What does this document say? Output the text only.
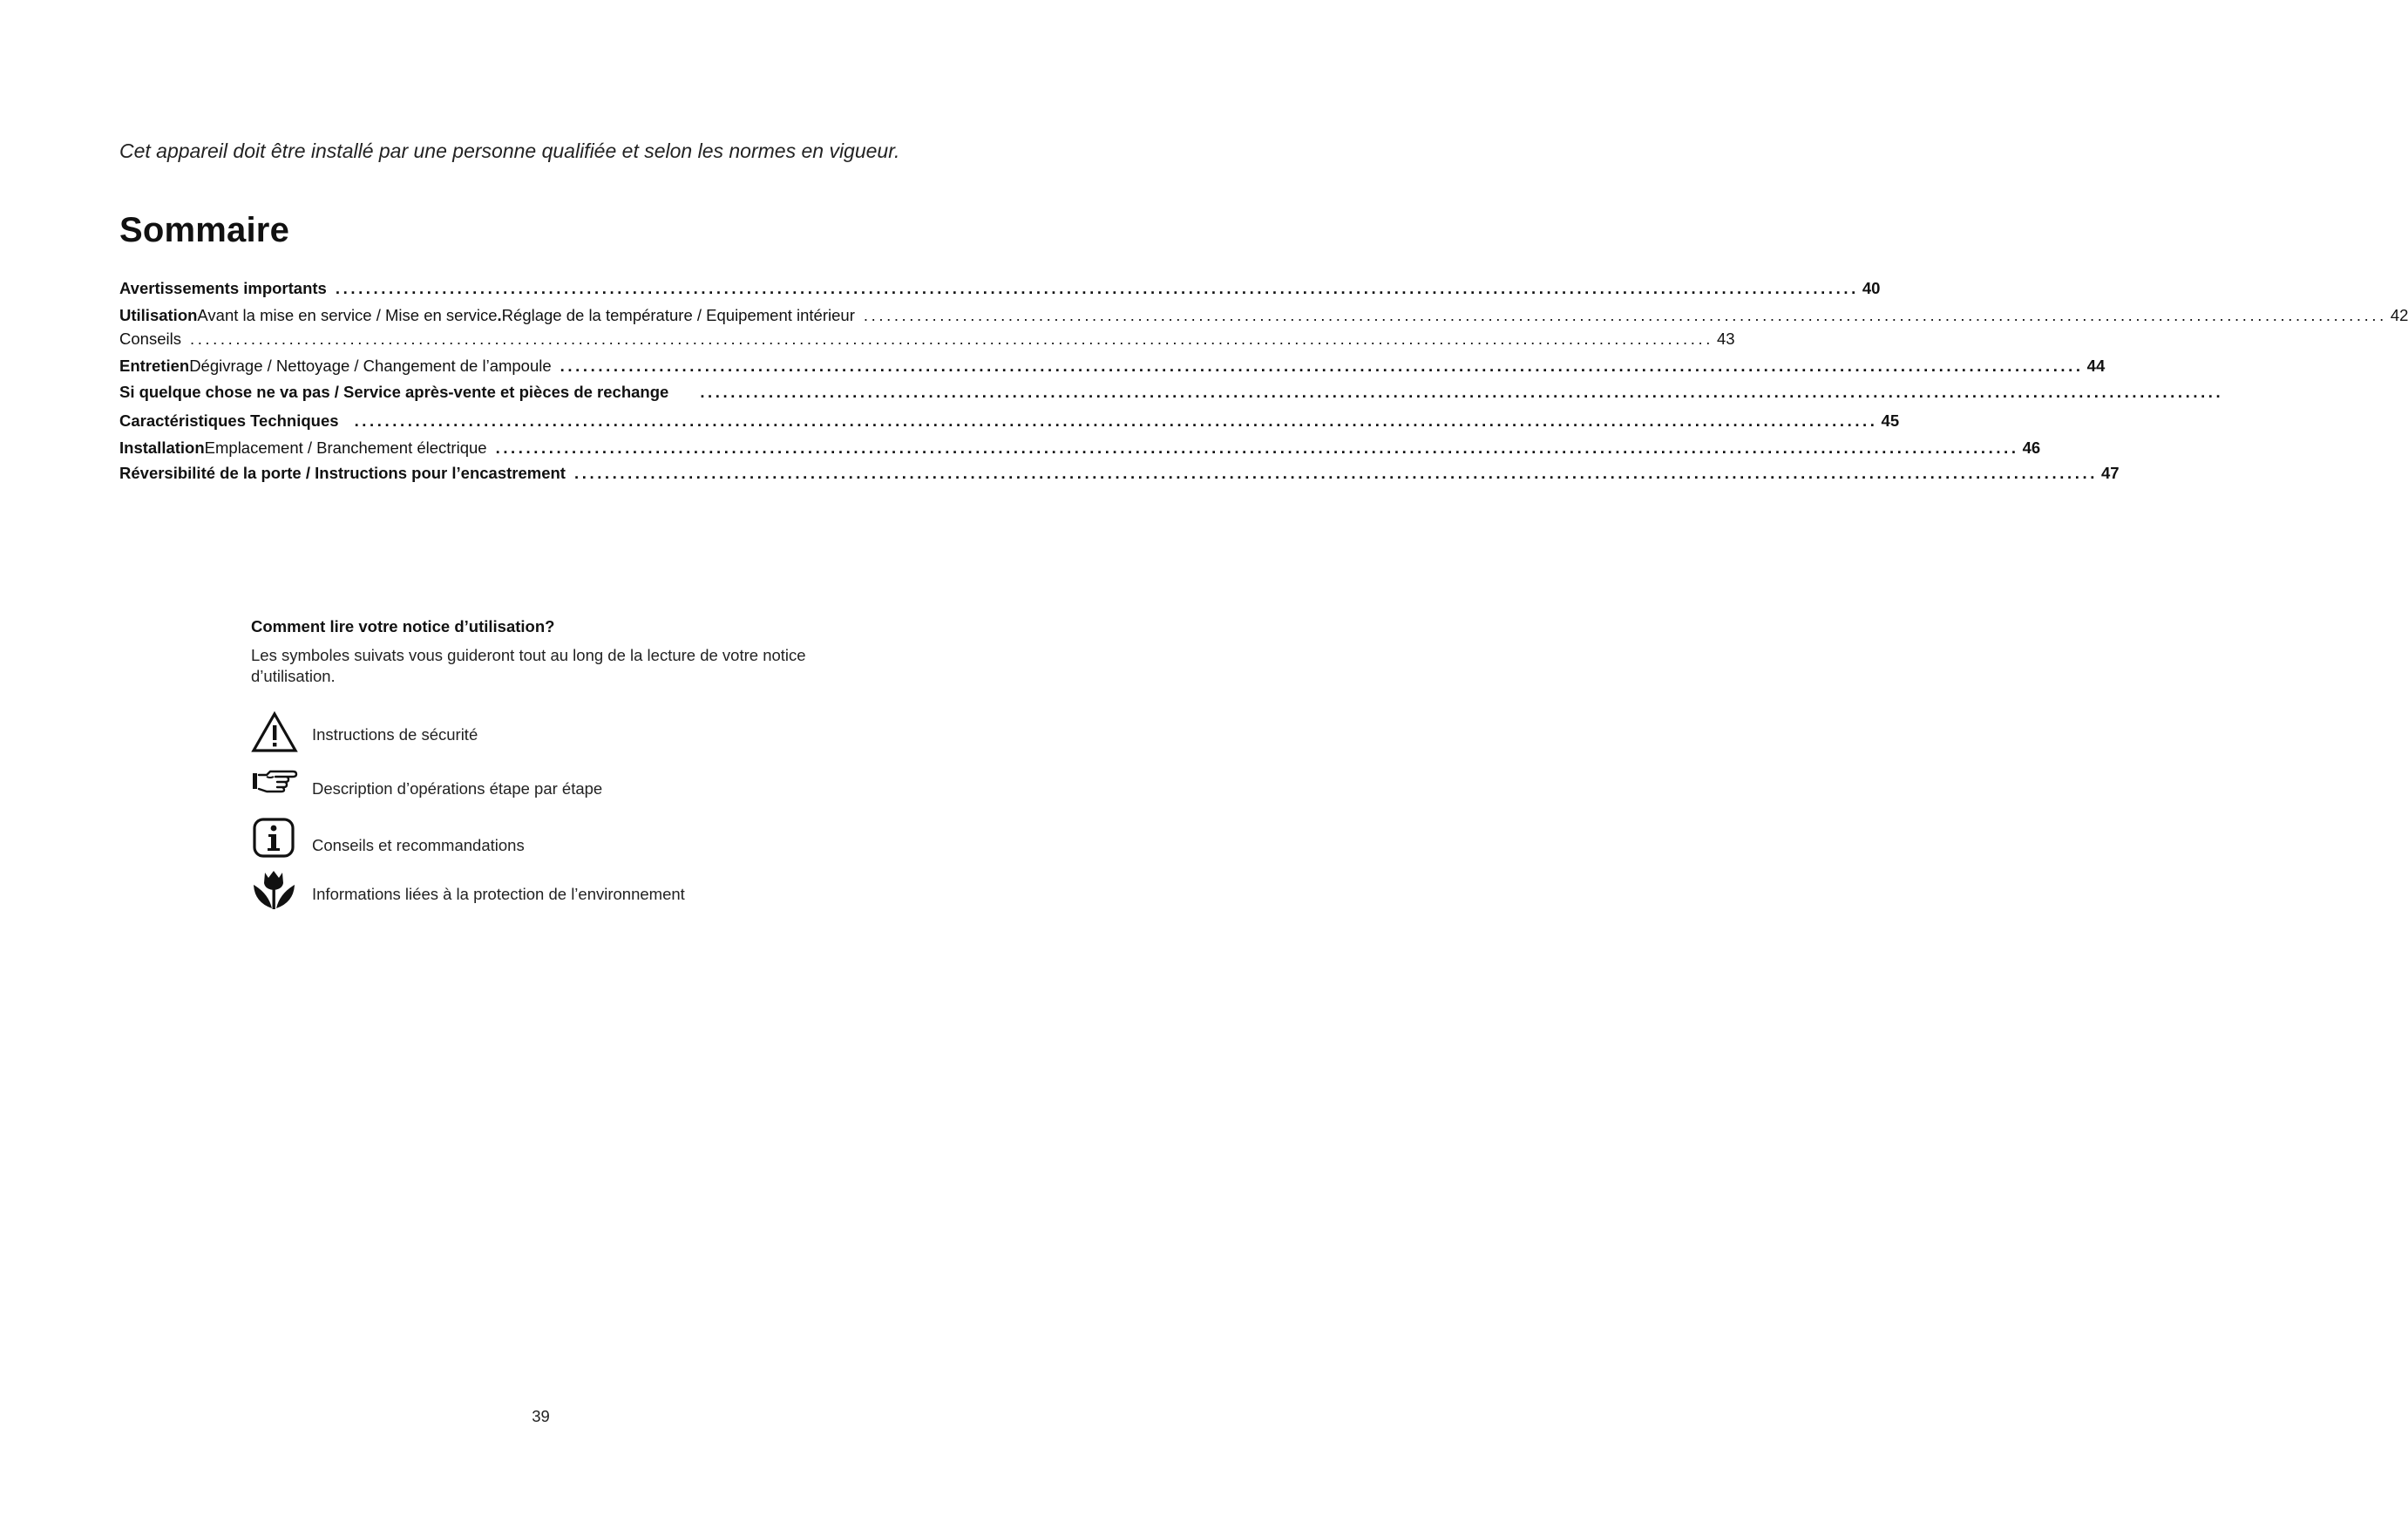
Cet appareil doit être installé par une personne qualifiée et selon les normes en vigueur.
Sommaire
Avertissements importants ........................................................................................................................................................................................................ 40
Utilisation Avant la mise en service / Mise en service . Réglage de la température / Equipement intérieur ........................................................................................................................................................................................................ 42
Conseils ........................................................................................................................................................................................................ 43
Entretien Dégivrage / Nettoyage / Changement de l’ampoule ........................................................................................................................................................................................................ 44
Si quelque chose ne va pas / Service après-vente et pièces de rechange ........................................................................................................................................................................................................
Caractéristiques Techniques ........................................................................................................................................................................................................ 45
Installation Emplacement / Branchement électrique ........................................................................................................................................................................................................ 46
Réversibilité de la porte / Instructions pour l’encastrement ........................................................................................................................................................................................................ 47
Comment lire votre notice d’utilisation?
Les symboles suivats vous guideront tout au long de la lecture de votre notice d’utilisation.
Instructions de sécurité
Description d’opérations étape par étape
Conseils et recommandations
Informations liées à la protection de l’environnement
39
